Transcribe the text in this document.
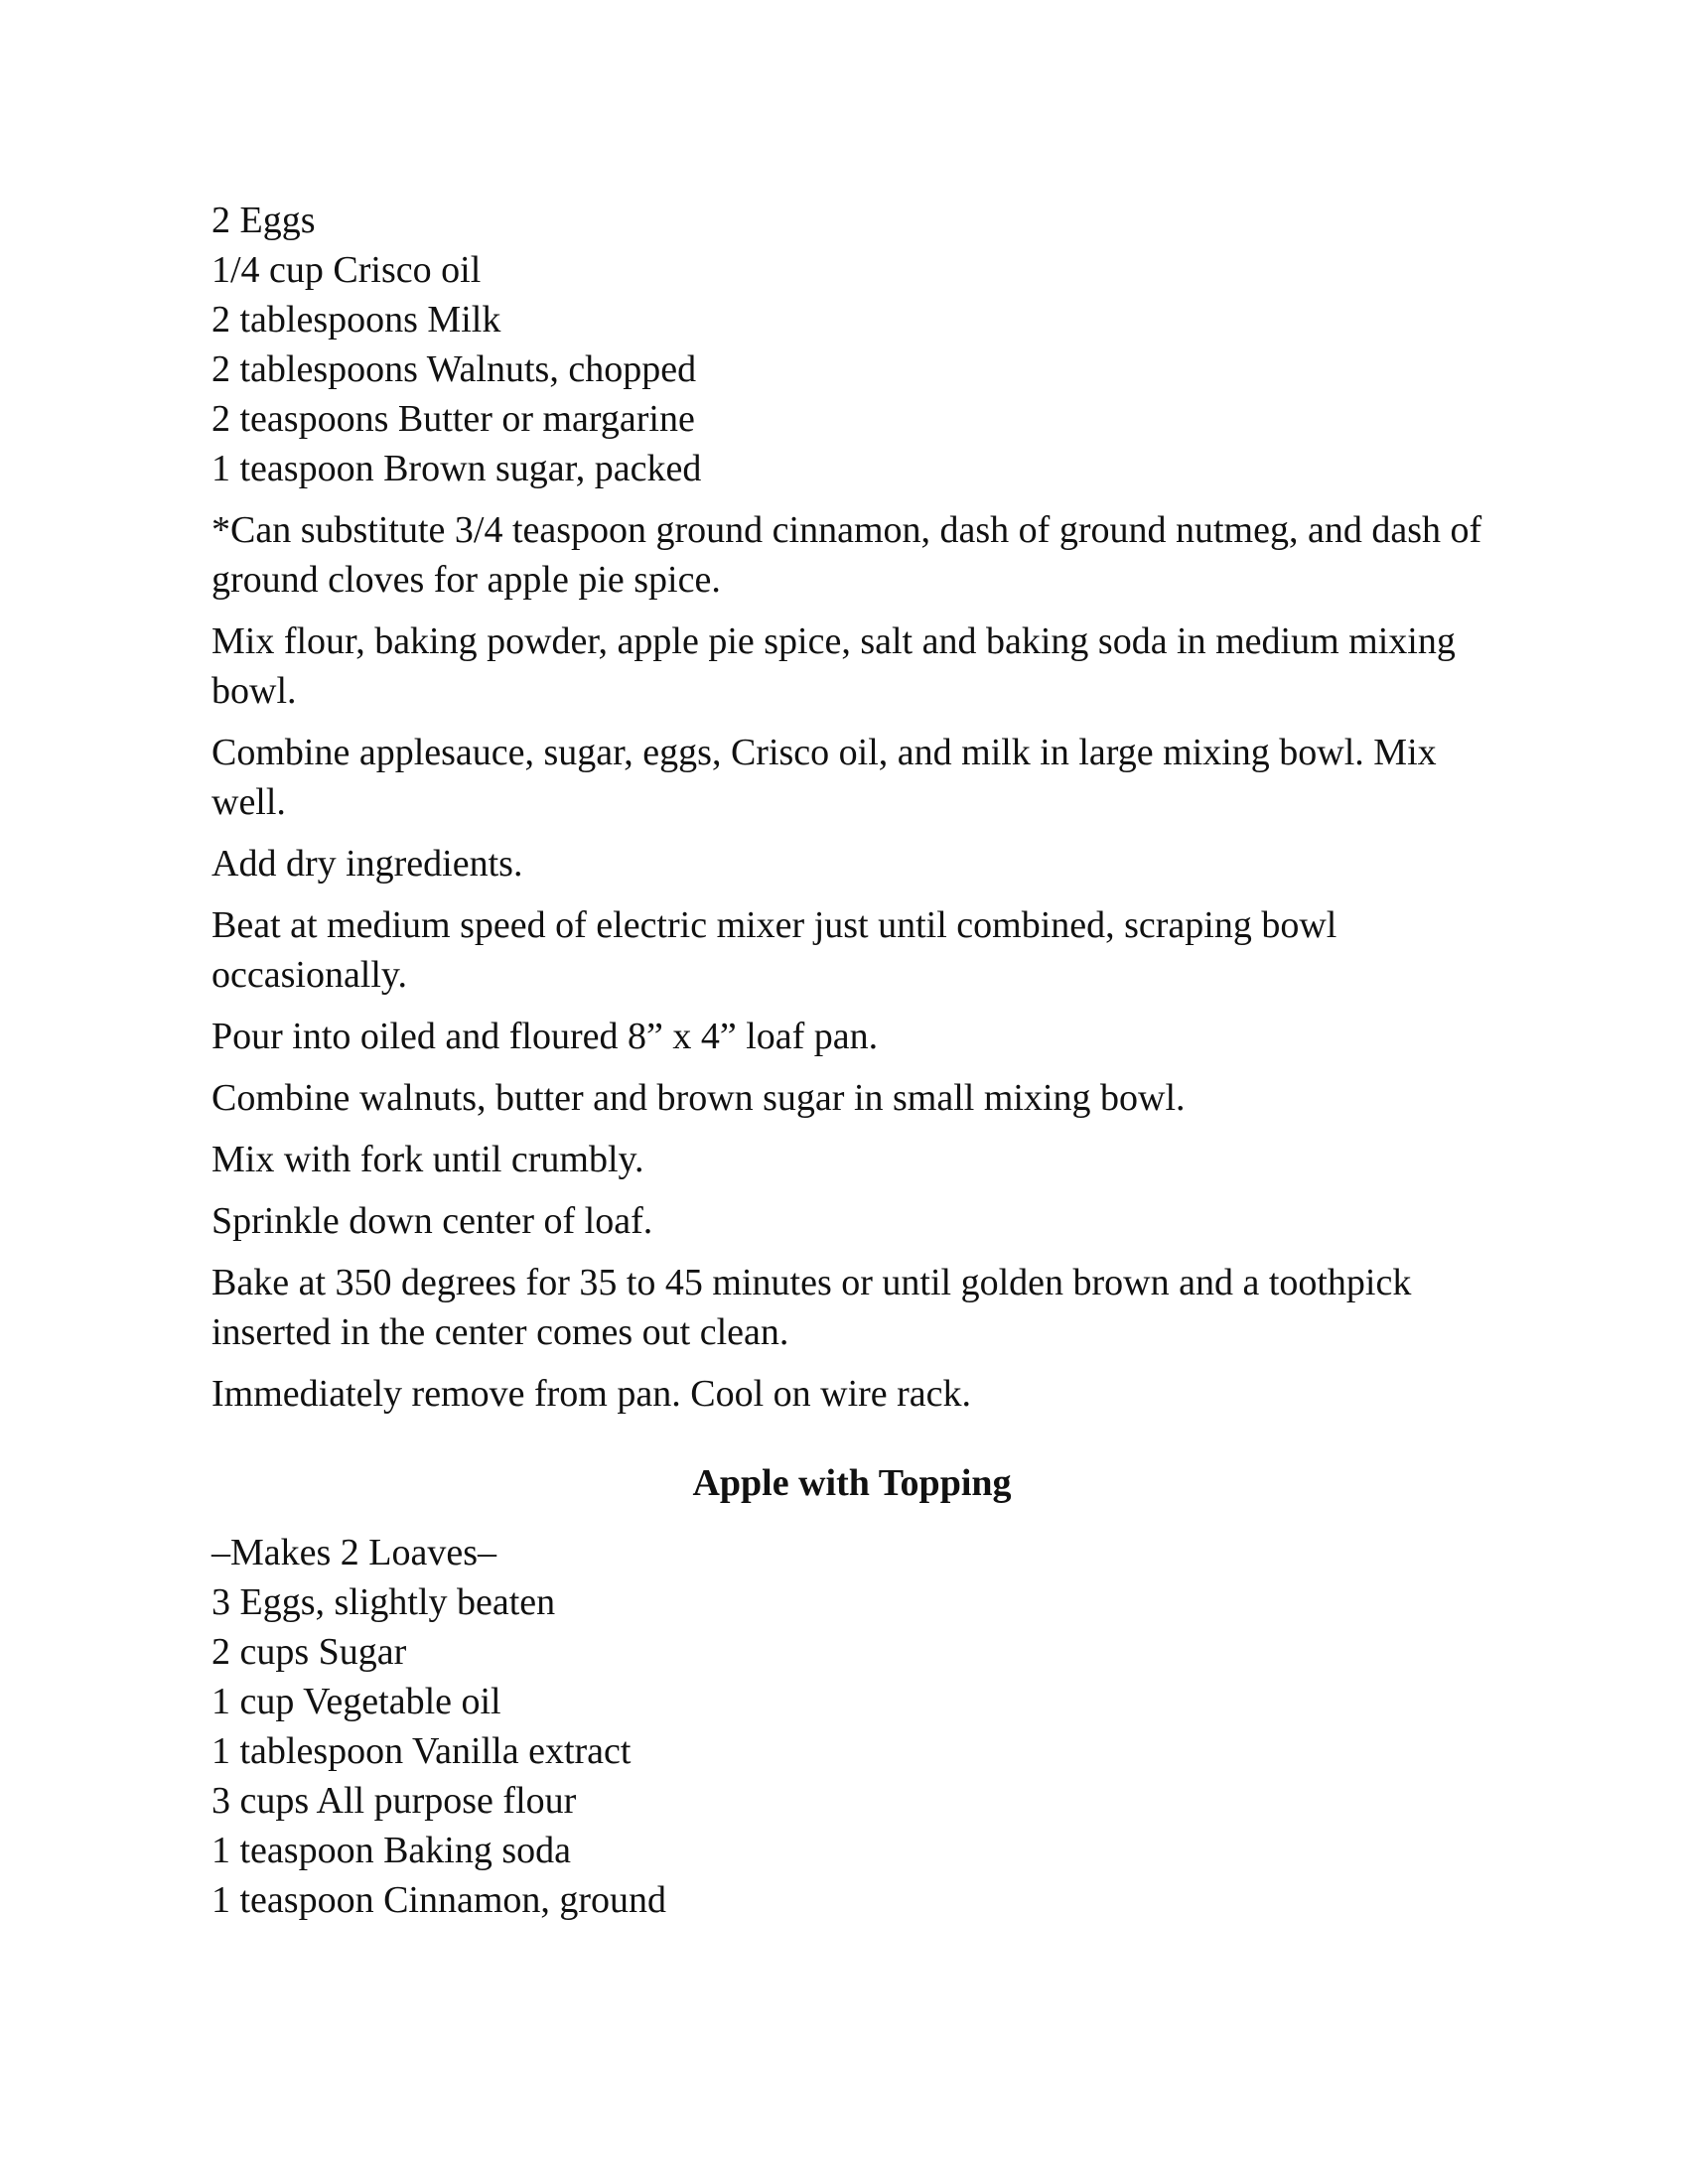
2 Eggs
1/4 cup Crisco oil
2 tablespoons Milk
2 tablespoons Walnuts, chopped
2 teaspoons Butter or margarine
1 teaspoon Brown sugar, packed

*Can substitute 3/4 teaspoon ground cinnamon, dash of ground nutmeg, and dash of ground cloves for apple pie spice.

Mix flour, baking powder, apple pie spice, salt and baking soda in medium mixing bowl.

Combine applesauce, sugar, eggs, Crisco oil, and milk in large mixing bowl. Mix well.

Add dry ingredients.

Beat at medium speed of electric mixer just until combined, scraping bowl occasionally.

Pour into oiled and floured 8” x 4” loaf pan.

Combine walnuts, butter and brown sugar in small mixing bowl.

Mix with fork until crumbly.

Sprinkle down center of loaf.

Bake at 350 degrees for 35 to 45 minutes or until golden brown and a toothpick inserted in the center comes out clean.

Immediately remove from pan. Cool on wire rack.

Apple with Topping

–Makes 2 Loaves–

3 Eggs, slightly beaten
2 cups Sugar
1 cup Vegetable oil
1 tablespoon Vanilla extract
3 cups All purpose flour
1 teaspoon Baking soda
1 teaspoon Cinnamon, ground
